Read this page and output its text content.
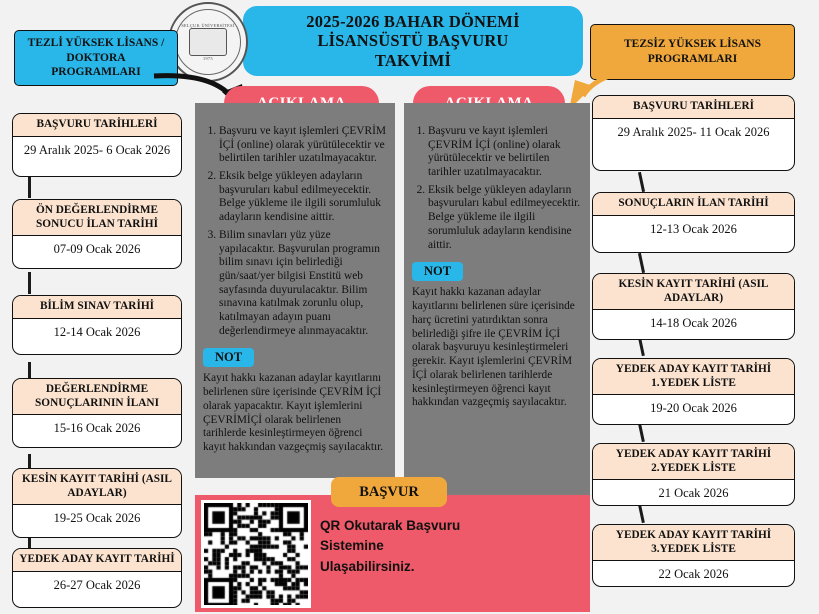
2025-2026 BAHAR DÖNEMİ
LİSANSÜSTÜ BAŞVURU
TAKVİMİ
SELÇUK ÜNİVERSİTESİ
1975
TEZLİ YÜKSEK LİSANS / DOKTORA PROGRAMLARI
TEZSİZ YÜKSEK LİSANS PROGRAMLARI
1. Başvuru ve kayıt işlemleri ÇEVRİM İÇİ (online) olarak yürütülecektir ve belirtilen tarihler uzatılmayacaktır.
2. Eksik belge yükleyen adayların başvuruları kabul edilmeyecektir. Belge yükleme ile ilgili sorumluluk adayların kendisine aittir.
3. Bilim sınavları yüz yüze yapılacaktır. Başvurulan programın bilim sınavı için belirlediği gün/saat/yer bilgisi Enstitü web sayfasında duyurulacaktır. Bilim sınavına katılmak zorunlu olup, katılmayan adayın puanı değerlendirmeye alınmayacaktır.
NOT
Kayıt hakkı kazanan adaylar kayıtlarını belirlenen süre içerisinde ÇEVRİM İÇİ olarak yapacaktır. Kayıt işlemlerini ÇEVRİMİÇİ olarak belirlenen tarihlerde kesinleştirmeyen öğrenci kayıt hakkından vazgeçmiş sayılacaktır.
1. Başvuru ve kayıt işlemleri ÇEVRİM İÇİ (online) olarak yürütülecektir ve belirtilen tarihler uzatılmayacaktır.
2. Eksik belge yükleyen adayların başvuruları kabul edilmeyecektir. Belge yükleme ile ilgili sorumluluk adayların kendisine aittir.
NOT
Kayıt hakkı kazanan adaylar kayıtlarını belirlenen süre içerisinde harç ücretini yatırdıktan sonra belirlediği şifre ile ÇEVRİM İÇİ olarak başvuruyu kesinleştirmeleri gerekir. Kayıt işlemlerini ÇEVRİM İÇİ olarak belirlenen tarihlerde kesinleştirmeyen öğrenci kayıt hakkından vazgeçmiş sayılacaktır.
BAŞVURU TARİHLERİ
29 Aralık 2025- 6 Ocak 2026
ÖN DEĞERLENDİRME SONUCU İLAN TARİHİ
07-09 Ocak 2026
BİLİM SINAV TARİHİ
12-14 Ocak 2026
DEĞERLENDİRME SONUÇLARININ İLANI
15-16 Ocak 2026
KESİN KAYIT TARİHİ (ASIL ADAYLAR)
19-25 Ocak 2026
YEDEK ADAY KAYIT TARİHİ
26-27 Ocak 2026
BAŞVURU TARİHLERİ
29 Aralık 2025- 11 Ocak 2026
SONUÇLARIN İLAN TARİHİ
12-13 Ocak 2026
KESİN KAYIT TARİHİ (ASIL ADAYLAR)
14-18 Ocak 2026
YEDEK ADAY KAYIT TARİHİ 1.YEDEK LİSTE
19-20 Ocak 2026
YEDEK ADAY KAYIT TARİHİ 2.YEDEK LİSTE
21 Ocak 2026
YEDEK ADAY KAYIT TARİHİ 3.YEDEK LİSTE
22 Ocak 2026
BAŞVUR
QR Okutarak Başvuru
Sistemine
Ulaşabilirsiniz.
